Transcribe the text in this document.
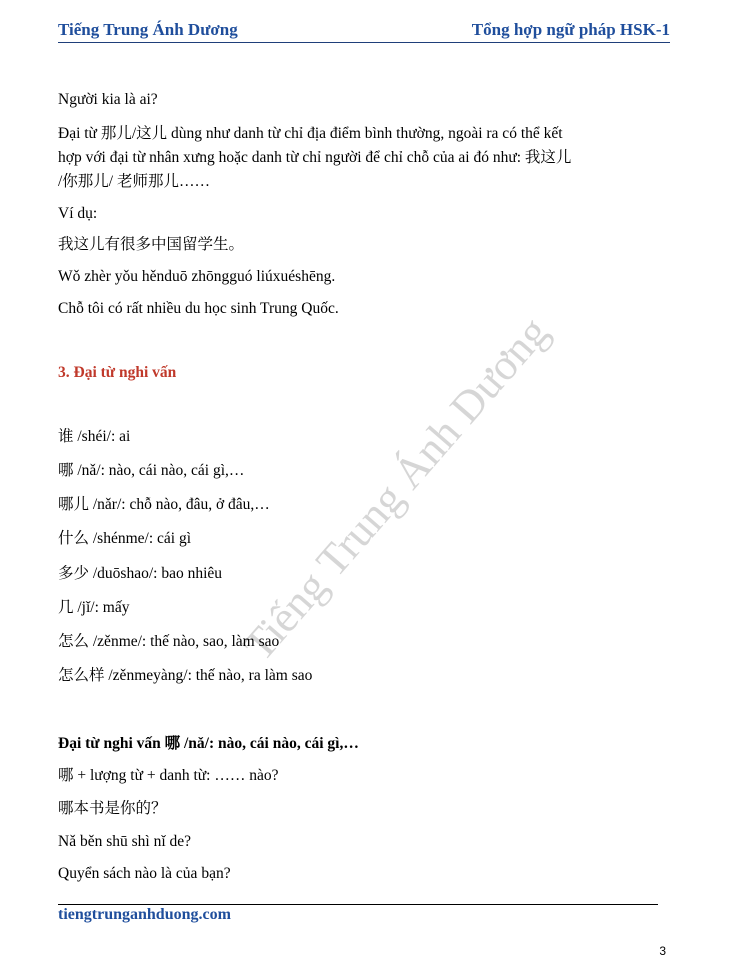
Tiếng Trung Ánh Dương	Tổng hợp ngữ pháp HSK-1
Tiếng Trung Ánh Dương
Người kia là ai?
Đại từ 那儿/这儿 dùng như danh từ chỉ địa điểm bình thường, ngoài ra có thể kết
hợp với đại từ nhân xưng hoặc danh từ chỉ người để chỉ chỗ của ai đó như: 我这儿
/你那儿/ 老师那儿……
Ví dụ:
我这儿有很多中国留学生。
Wǒ zhèr yǒu hěnduō zhōngguó liúxuéshēng.
Chỗ tôi có rất nhiều du học sinh Trung Quốc.
3. Đại từ nghi vấn
谁 /shéi/: ai
哪 /nǎ/: nào, cái nào, cái gì,…
哪儿 /nǎr/: chỗ nào, đâu, ở đâu,…
什么 /shénme/: cái gì
多少 /duōshao/: bao nhiêu
几 /jǐ/: mấy
怎么 /zěnme/: thế nào, sao, làm sao
怎么样 /zěnmeyàng/: thế nào, ra làm sao
Đại từ nghi vấn 哪 /nǎ/: nào, cái nào, cái gì,…
哪 + lượng từ + danh từ: …… nào?
哪本书是你的？
Nǎ běn shū shì nǐ de?
Quyển sách nào là của bạn?
tiengtrunganhduong.com
3
